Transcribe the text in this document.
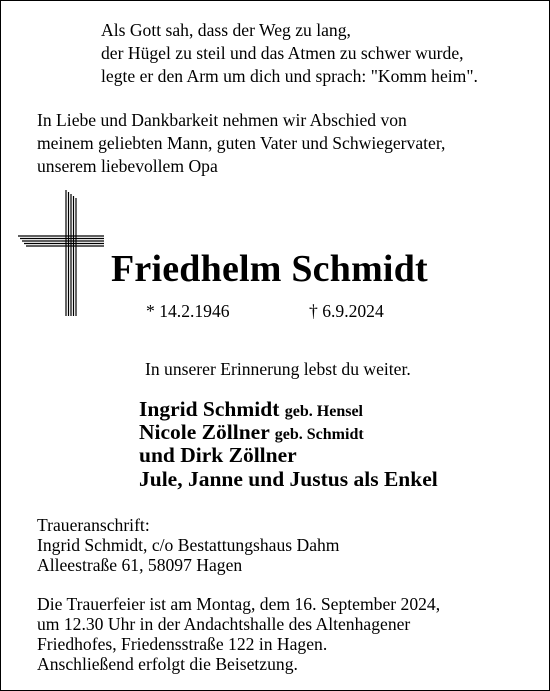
Als Gott sah, dass der Weg zu lang,
der Hügel zu steil und das Atmen zu schwer wurde,
legte er den Arm um dich und sprach: "Komm heim".
In Liebe und Dankbarkeit nehmen wir Abschied von
meinem geliebten Mann, guten Vater und Schwiegervater,
unserem liebevollem Opa
Friedhelm Schmidt
* 14.2.1946	† 6.9.2024
In unserer Erinnerung lebst du weiter.
Ingrid Schmidt geb. Hensel
Nicole Zöllner geb. Schmidt
und Dirk Zöllner
Jule, Janne und Justus als Enkel
Traueranschrift:
Ingrid Schmidt, c/o Bestattungshaus Dahm
Alleestraße 61, 58097 Hagen
Die Trauerfeier ist am Montag, dem 16. September 2024,
um 12.30 Uhr in der Andachtshalle des Altenhagener
Friedhofes, Friedensstraße 122 in Hagen.
Anschließend erfolgt die Beisetzung.
